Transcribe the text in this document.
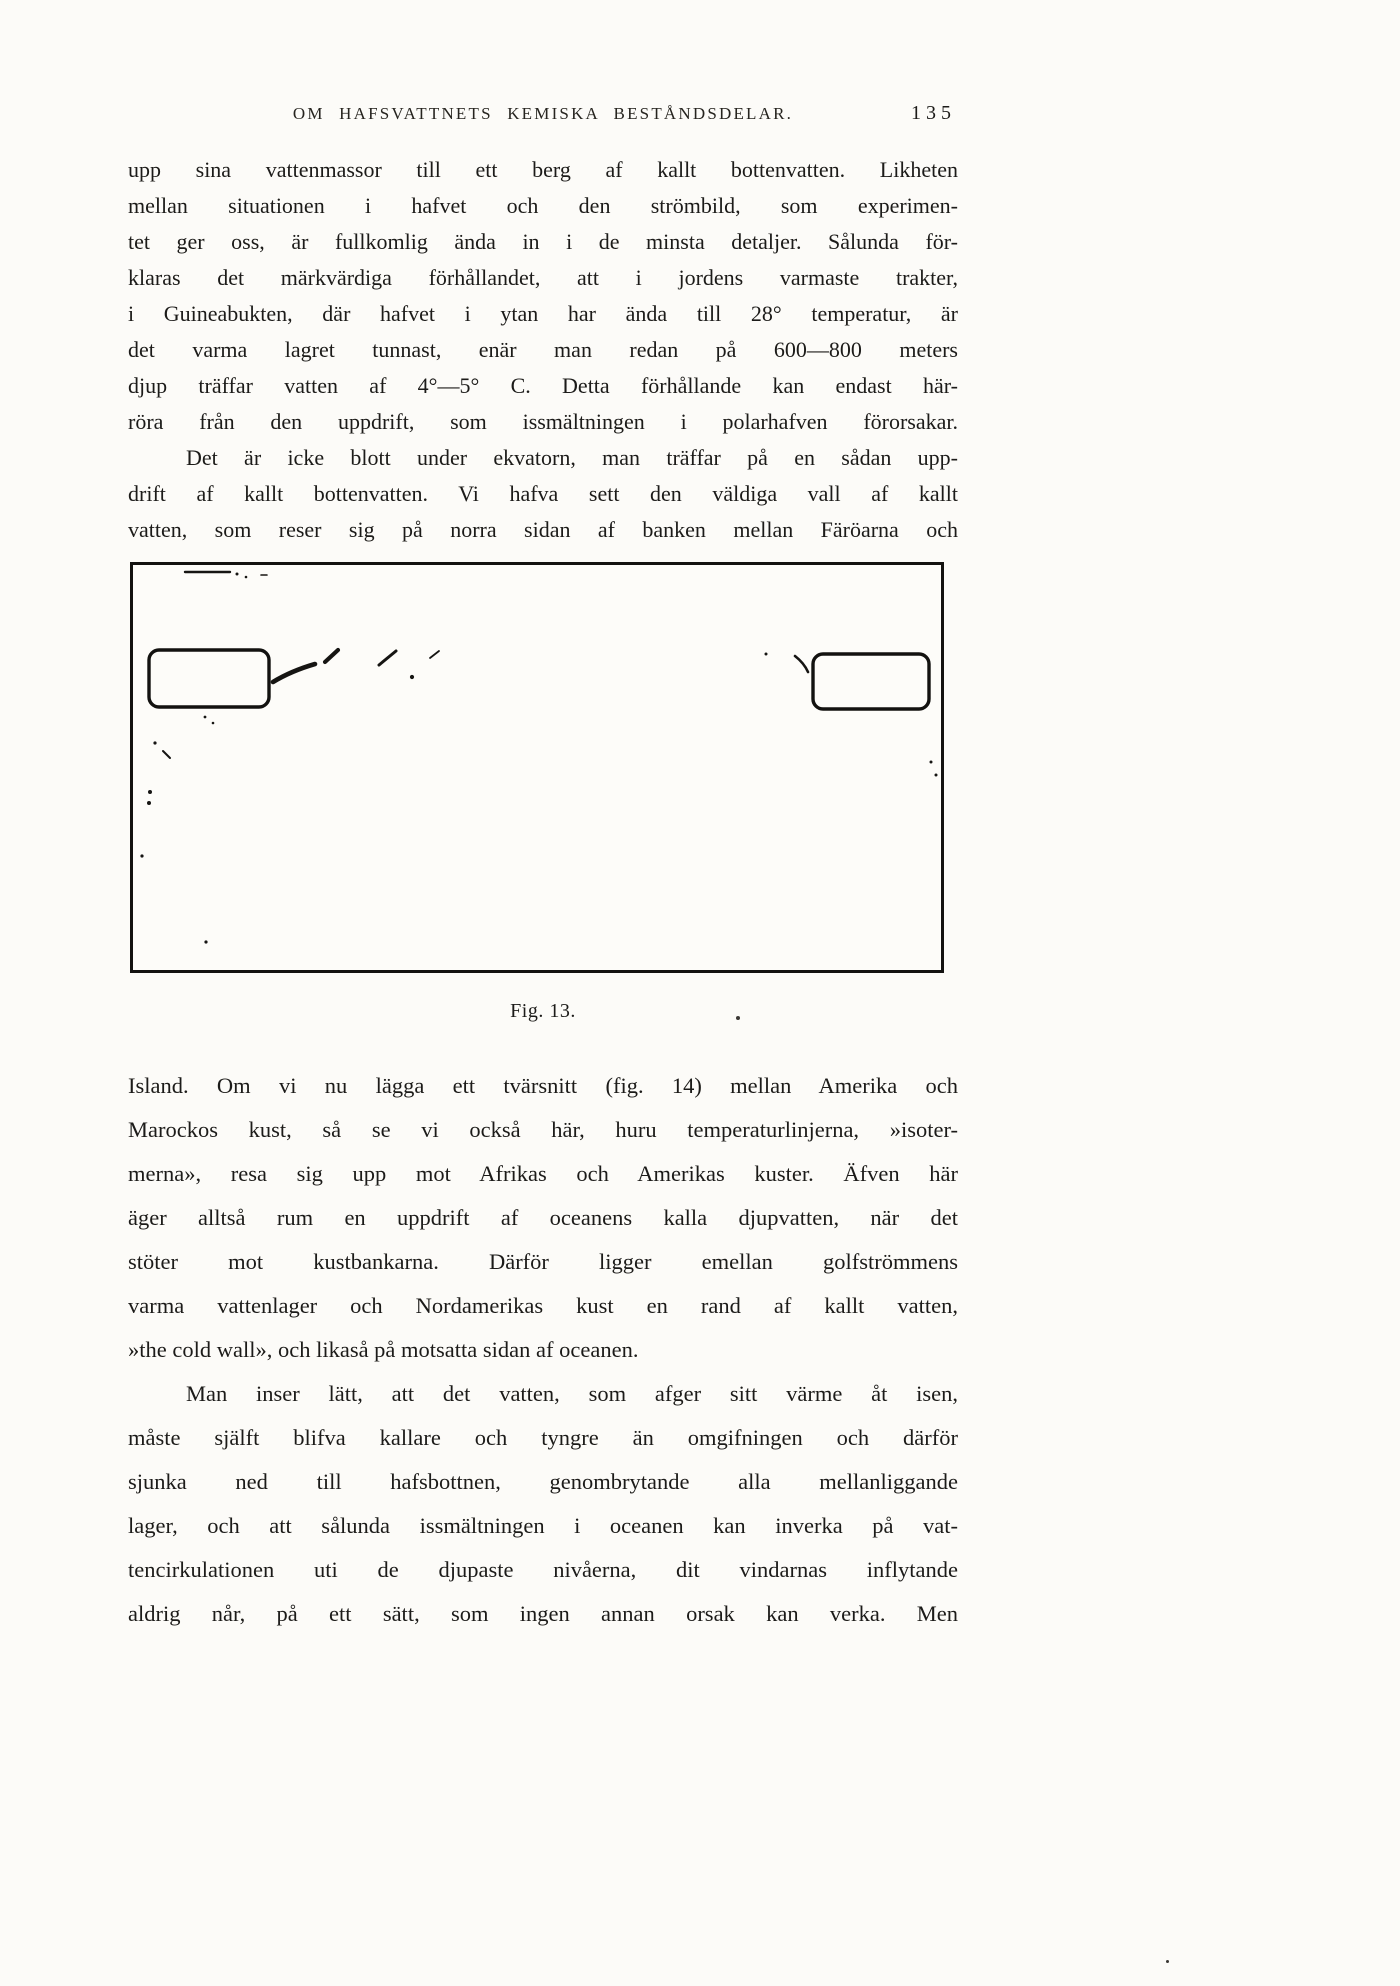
OM HAFSVATTNETS KEMISKA BESTÅNDSDELAR.	135
upp sina vattenmassor till ett berg af kallt bottenvatten. Likheten
mellan situationen i hafvet och den strömbild, som experimen-
tet ger oss, är fullkomlig ända in i de minsta detaljer. Sålunda för-
klaras det märkvärdiga förhållandet, att i jordens varmaste trakter,
i Guineabukten, där hafvet i ytan har ända till 28° temperatur, är
det varma lagret tunnast, enär man redan på 600—800 meters
djup träffar vatten af 4°—5° C. Detta förhållande kan endast här-
röra från den uppdrift, som issmältningen i polarhafven förorsakar.
Det är icke blott under ekvatorn, man träffar på en sådan upp-
drift af kallt bottenvatten. Vi hafva sett den väldiga vall af kallt
vatten, som reser sig på norra sidan af banken mellan Färöarna och
Fig. 13.
Island. Om vi nu lägga ett tvärsnitt (fig. 14) mellan Amerika och
Marockos kust, så se vi också här, huru temperaturlinjerna, »isoter-
merna», resa sig upp mot Afrikas och Amerikas kuster. Äfven här
äger alltså rum en uppdrift af oceanens kalla djupvatten, när det
stöter mot kustbankarna. Därför ligger emellan golfströmmens
varma vattenlager och Nordamerikas kust en rand af kallt vatten,
»the cold wall», och likaså på motsatta sidan af oceanen.
Man inser lätt, att det vatten, som afger sitt värme åt isen,
måste själft blifva kallare och tyngre än omgifningen och därför
sjunka ned till hafsbottnen, genombrytande alla mellanliggande
lager, och att sålunda issmältningen i oceanen kan inverka på vat-
tencirkulationen uti de djupaste nivåerna, dit vindarnas inflytande
aldrig når, på ett sätt, som ingen annan orsak kan verka. Men
